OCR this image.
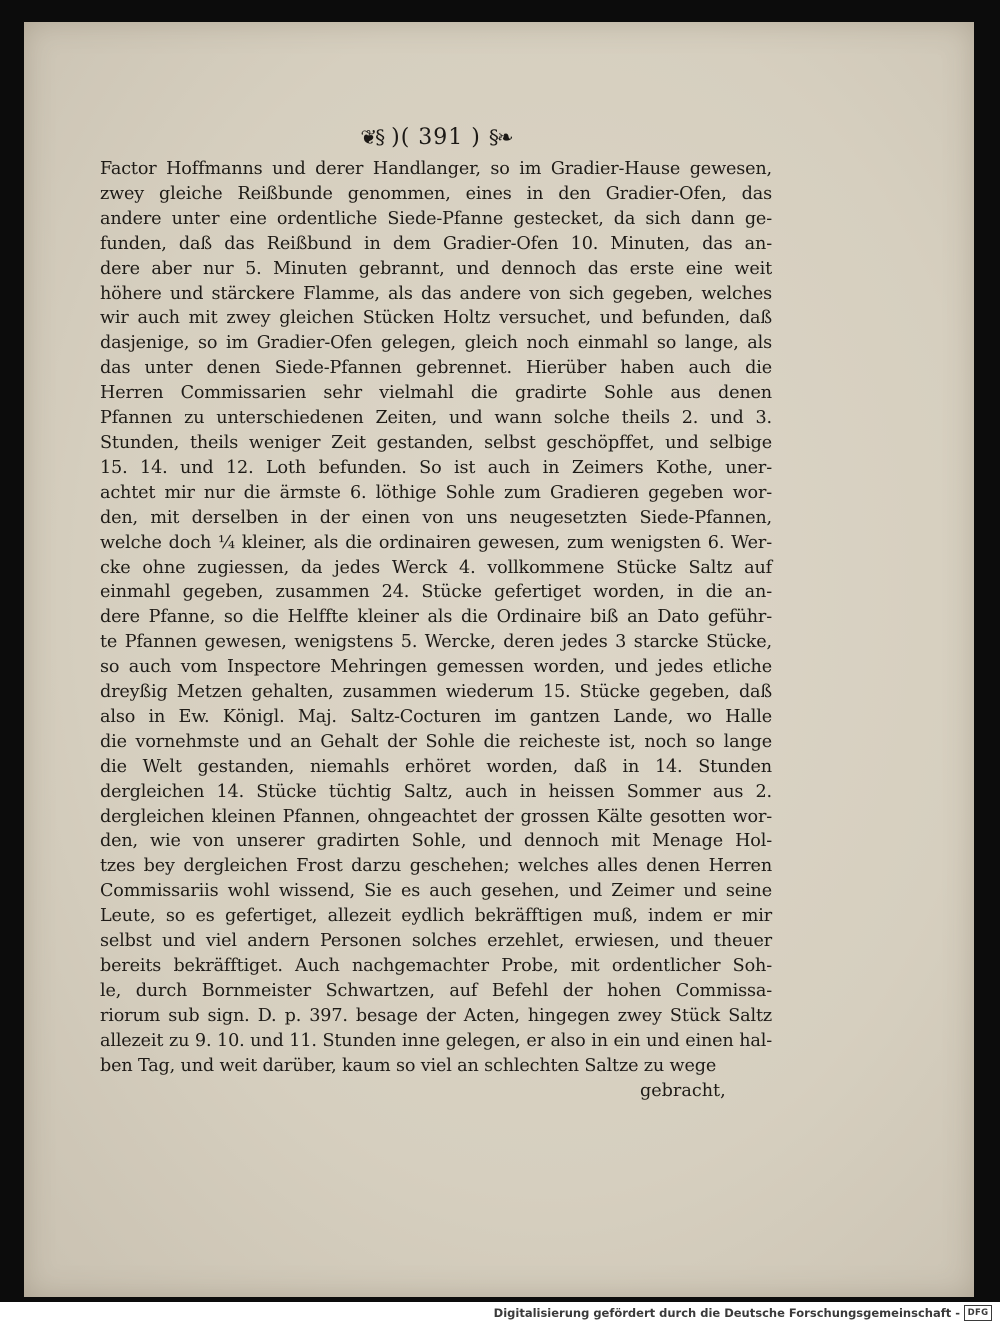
❦§ )( 391 ) §❧
Factor Hoffmanns und derer Handlanger, so im Gradier-Hause gewesen,
zwey gleiche Reißbunde genommen, eines in den Gradier-Ofen, das
andere unter eine ordentliche Siede-Pfanne gestecket, da sich dann ge-
funden, daß das Reißbund in dem Gradier-Ofen 10. Minuten, das an-
dere aber nur 5. Minuten gebrannt, und dennoch das erste eine weit
höhere und stärckere Flamme, als das andere von sich gegeben, welches
wir auch mit zwey gleichen Stücken Holtz versuchet, und befunden, daß
dasjenige, so im Gradier-Ofen gelegen, gleich noch einmahl so lange, als
das unter denen Siede-Pfannen gebrennet. Hierüber haben auch die
Herren Commissarien sehr vielmahl die gradirte Sohle aus denen
Pfannen zu unterschiedenen Zeiten, und wann solche theils 2. und 3.
Stunden, theils weniger Zeit gestanden, selbst geschöpffet, und selbige
15. 14. und 12. Loth befunden. So ist auch in Zeimers Kothe, uner-
achtet mir nur die ärmste 6. löthige Sohle zum Gradieren gegeben wor-
den, mit derselben in der einen von uns neugesetzten Siede-Pfannen,
welche doch ¼ kleiner, als die ordinairen gewesen, zum wenigsten 6. Wer-
cke ohne zugiessen, da jedes Werck 4. vollkommene Stücke Saltz auf
einmahl gegeben, zusammen 24. Stücke gefertiget worden, in die an-
dere Pfanne, so die Helffte kleiner als die Ordinaire biß an Dato geführ-
te Pfannen gewesen, wenigstens 5. Wercke, deren jedes 3 starcke Stücke,
so auch vom Inspectore Mehringen gemessen worden, und jedes etliche
dreyßig Metzen gehalten, zusammen wiederum 15. Stücke gegeben, daß
also in Ew. Königl. Maj. Saltz-Cocturen im gantzen Lande, wo Halle
die vornehmste und an Gehalt der Sohle die reicheste ist, noch so lange
die Welt gestanden, niemahls erhöret worden, daß in 14. Stunden
dergleichen 14. Stücke tüchtig Saltz, auch in heissen Sommer aus 2.
dergleichen kleinen Pfannen, ohngeachtet der grossen Kälte gesotten wor-
den, wie von unserer gradirten Sohle, und dennoch mit Menage Hol-
tzes bey dergleichen Frost darzu geschehen; welches alles denen Herren
Commissariis wohl wissend, Sie es auch gesehen, und Zeimer und seine
Leute, so es gefertiget, allezeit eydlich bekräfftigen muß, indem er mir
selbst und viel andern Personen solches erzehlet, erwiesen, und theuer
bereits bekräfftiget. Auch nachgemachter Probe, mit ordentlicher Soh-
le, durch Bornmeister Schwartzen, auf Befehl der hohen Commissa-
riorum sub sign. D. p. 397. besage der Acten, hingegen zwey Stück Saltz
allezeit zu 9. 10. und 11. Stunden inne gelegen, er also in ein und einen hal-
ben Tag, und weit darüber, kaum so viel an schlechten Saltze zu wege
gebracht,
Digitalisierung gefördert durch die Deutsche Forschungsgemeinschaft - DFG
